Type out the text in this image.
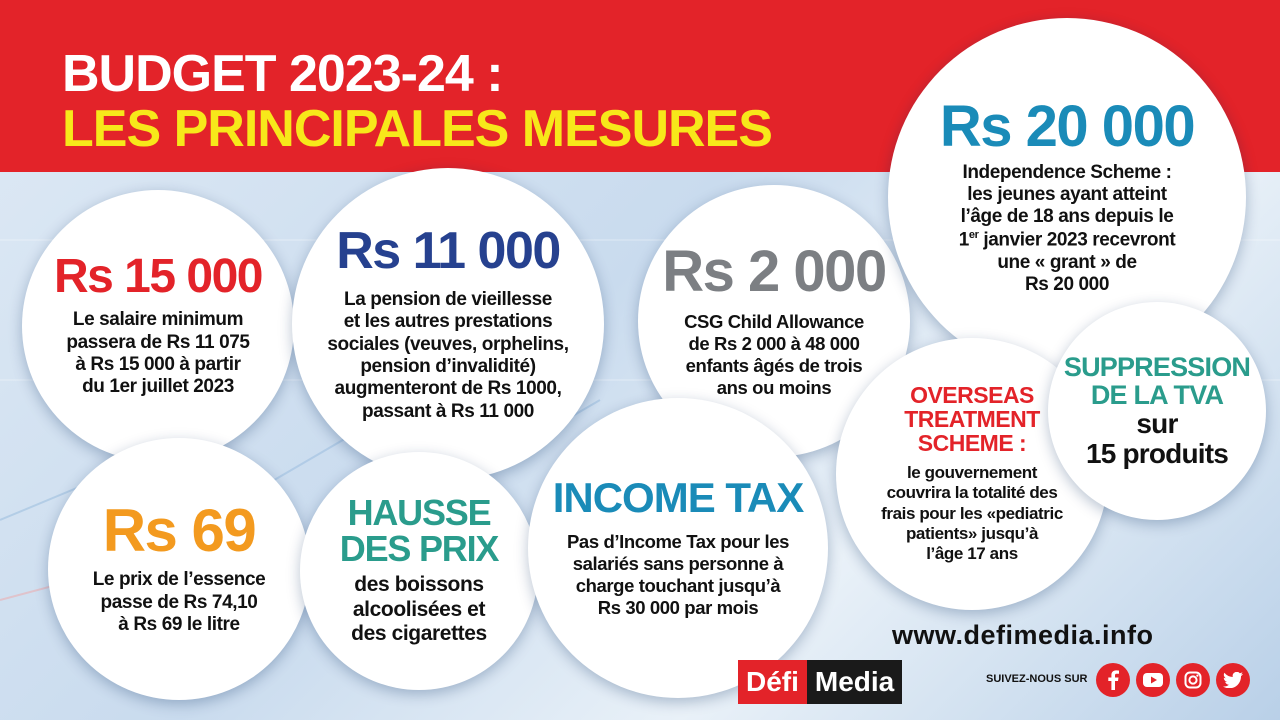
BUDGET 2023-24 :
LES PRINCIPALES MESURES
Rs 15 000
Le salaire minimum
passera de Rs 11 075
à Rs 15 000 à partir
du 1er juillet 2023
Rs 11 000
La pension de vieillesse
et les autres prestations
sociales (veuves, orphelins,
pension d’invalidité)
augmenteront de Rs 1000,
passant à Rs 11 000
Rs 2 000
CSG Child Allowance
de Rs 2 000 à 48 000
enfants âgés de trois
ans ou moins
Rs 20 000
Independence Scheme :
les jeunes ayant atteint
l’âge de 18 ans depuis le
1er janvier 2023 recevront
une « grant » de
Rs 20 000
OVERSEAS
TREATMENT
SCHEME :
le gouvernement
couvrira la totalité des
frais pour les «pediatric
patients» jusqu’à
l’âge 17 ans
SUPPRESSION
DE LA TVA
sur
15 produits
Rs 69
Le prix de l’essence
passe de Rs 74,10
à Rs 69 le litre
HAUSSE
DES PRIX
des boissons
alcoolisées et
des cigarettes
INCOME TAX
Pas d’Income Tax pour les
salariés sans personne à
charge touchant jusqu’à
Rs 30 000 par mois
www.defimedia.info
Défi Media	SUIVEZ-NOUS SUR
